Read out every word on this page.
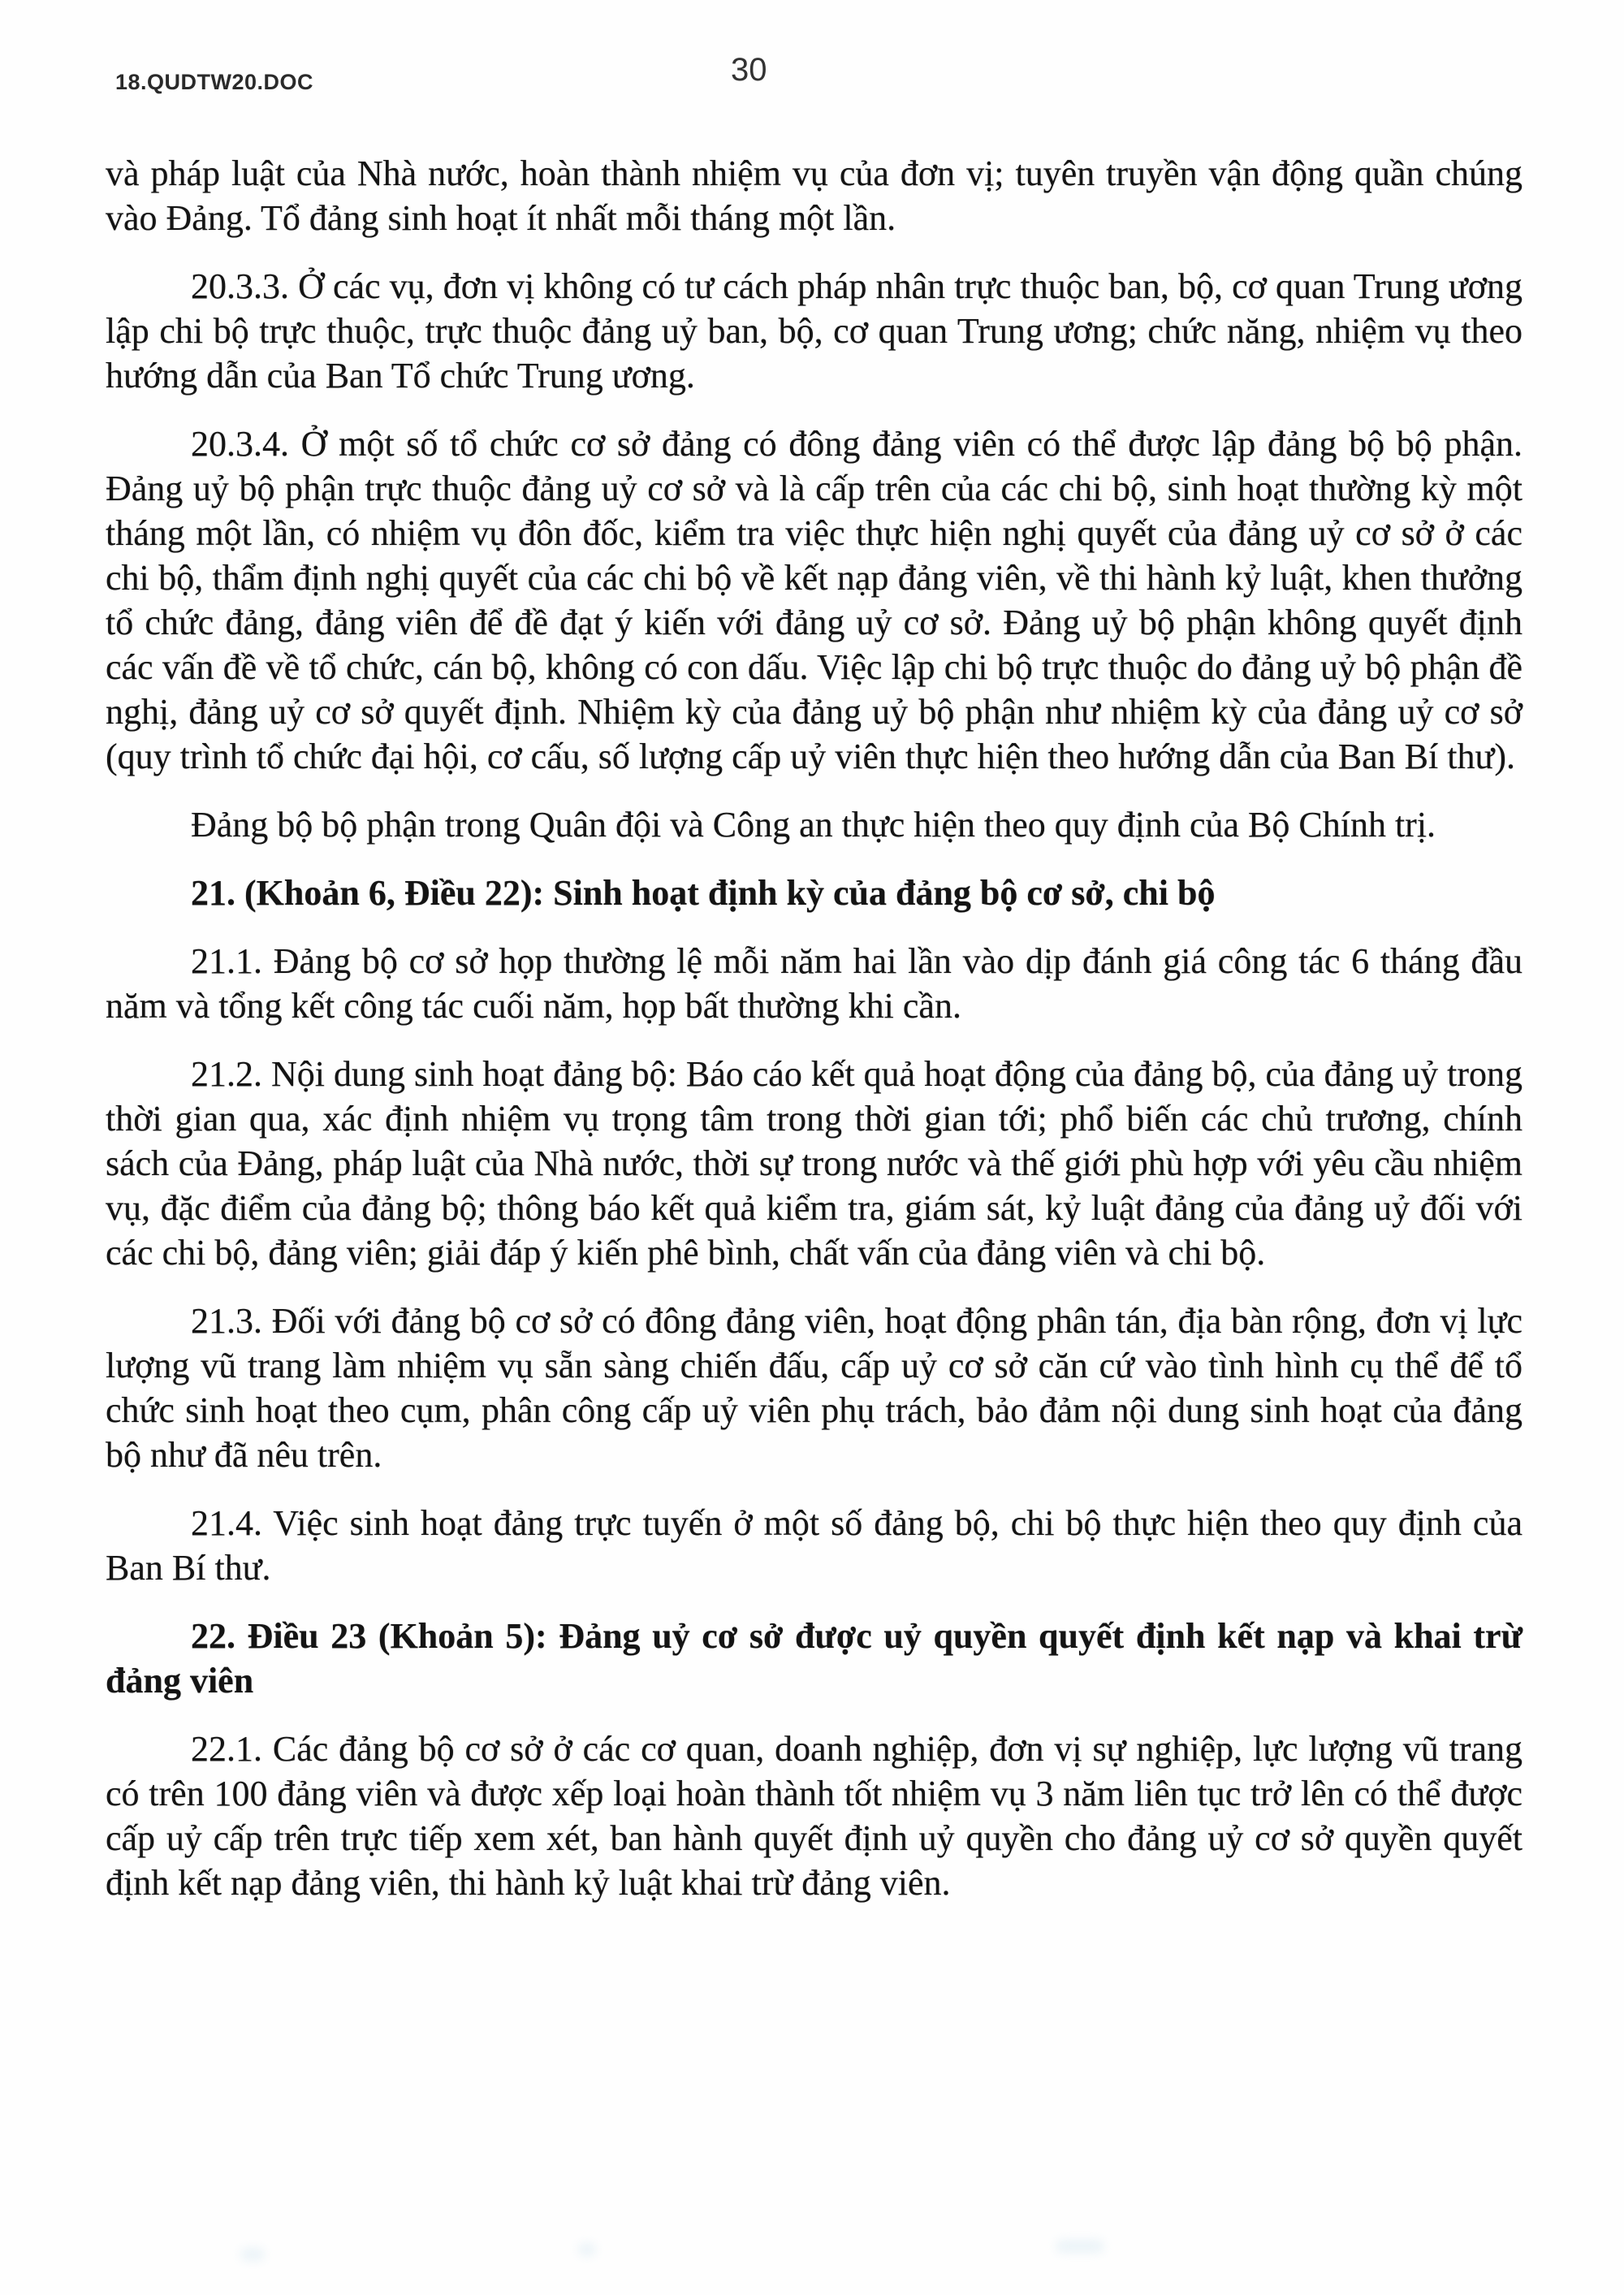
18.QUDTW20.DOC	30

và pháp luật của Nhà nước, hoàn thành nhiệm vụ của đơn vị; tuyên truyền vận động quần chúng vào Đảng. Tổ đảng sinh hoạt ít nhất mỗi tháng một lần.

20.3.3. Ở các vụ, đơn vị không có tư cách pháp nhân trực thuộc ban, bộ, cơ quan Trung ương lập chi bộ trực thuộc, trực thuộc đảng uỷ ban, bộ, cơ quan Trung ương; chức năng, nhiệm vụ theo hướng dẫn của Ban Tổ chức Trung ương.

20.3.4. Ở một số tổ chức cơ sở đảng có đông đảng viên có thể được lập đảng bộ bộ phận. Đảng uỷ bộ phận trực thuộc đảng uỷ cơ sở và là cấp trên của các chi bộ, sinh hoạt thường kỳ một tháng một lần, có nhiệm vụ đôn đốc, kiểm tra việc thực hiện nghị quyết của đảng uỷ cơ sở ở các chi bộ, thẩm định nghị quyết của các chi bộ về kết nạp đảng viên, về thi hành kỷ luật, khen thưởng tổ chức đảng, đảng viên để đề đạt ý kiến với đảng uỷ cơ sở. Đảng uỷ bộ phận không quyết định các vấn đề về tổ chức, cán bộ, không có con dấu. Việc lập chi bộ trực thuộc do đảng uỷ bộ phận đề nghị, đảng uỷ cơ sở quyết định. Nhiệm kỳ của đảng uỷ bộ phận như nhiệm kỳ của đảng uỷ cơ sở (quy trình tổ chức đại hội, cơ cấu, số lượng cấp uỷ viên thực hiện theo hướng dẫn của Ban Bí thư).

Đảng bộ bộ phận trong Quân đội và Công an thực hiện theo quy định của Bộ Chính trị.

21. (Khoản 6, Điều 22): Sinh hoạt định kỳ của đảng bộ cơ sở, chi bộ

21.1. Đảng bộ cơ sở họp thường lệ mỗi năm hai lần vào dịp đánh giá công tác 6 tháng đầu năm và tổng kết công tác cuối năm, họp bất thường khi cần.

21.2. Nội dung sinh hoạt đảng bộ: Báo cáo kết quả hoạt động của đảng bộ, của đảng uỷ trong thời gian qua, xác định nhiệm vụ trọng tâm trong thời gian tới; phổ biến các chủ trương, chính sách của Đảng, pháp luật của Nhà nước, thời sự trong nước và thế giới phù hợp với yêu cầu nhiệm vụ, đặc điểm của đảng bộ; thông báo kết quả kiểm tra, giám sát, kỷ luật đảng của đảng uỷ đối với các chi bộ, đảng viên; giải đáp ý kiến phê bình, chất vấn của đảng viên và chi bộ.

21.3. Đối với đảng bộ cơ sở có đông đảng viên, hoạt động phân tán, địa bàn rộng, đơn vị lực lượng vũ trang làm nhiệm vụ sẵn sàng chiến đấu, cấp uỷ cơ sở căn cứ vào tình hình cụ thể để tổ chức sinh hoạt theo cụm, phân công cấp uỷ viên phụ trách, bảo đảm nội dung sinh hoạt của đảng bộ như đã nêu trên.

21.4. Việc sinh hoạt đảng trực tuyến ở một số đảng bộ, chi bộ thực hiện theo quy định của Ban Bí thư.

22. Điều 23 (Khoản 5): Đảng uỷ cơ sở được uỷ quyền quyết định kết nạp và khai trừ đảng viên

22.1. Các đảng bộ cơ sở ở các cơ quan, doanh nghiệp, đơn vị sự nghiệp, lực lượng vũ trang có trên 100 đảng viên và được xếp loại hoàn thành tốt nhiệm vụ 3 năm liên tục trở lên có thể được cấp uỷ cấp trên trực tiếp xem xét, ban hành quyết định uỷ quyền cho đảng uỷ cơ sở quyền quyết định kết nạp đảng viên, thi hành kỷ luật khai trừ đảng viên.
